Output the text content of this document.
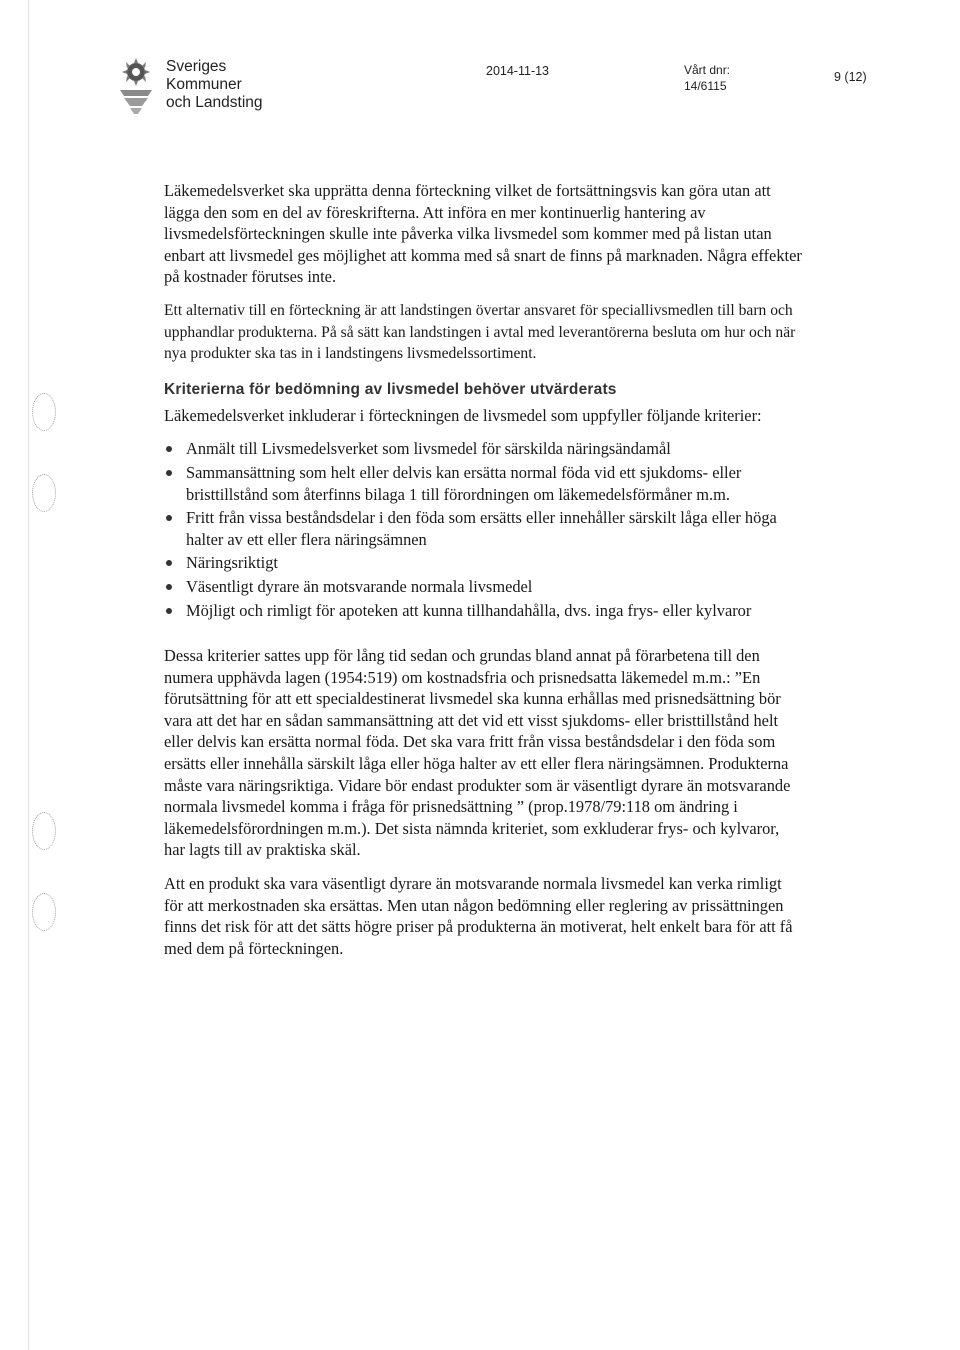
Sveriges
Kommuner
och Landsting
2014-11-13	Vårt dnr:
14/6115
9 (12)

Läkemedelsverket ska upprätta denna förteckning vilket de fortsättningsvis kan göra utan att lägga den som en del av föreskrifterna. Att införa en mer kontinuerlig hantering av livsmedelsförteckningen skulle inte påverka vilka livsmedel som kommer med på listan utan enbart att livsmedel ges möjlighet att komma med så snart de finns på marknaden. Några effekter på kostnader förutses inte.

Ett alternativ till en förteckning är att landstingen övertar ansvaret för speciallivsmedlen till barn och upphandlar produkterna. På så sätt kan landstingen i avtal med leverantörerna besluta om hur och när nya produkter ska tas in i landstingens livsmedelssortiment.

Kriterierna för bedömning av livsmedel behöver utvärderats

Läkemedelsverket inkluderar i förteckningen de livsmedel som uppfyller följande kriterier:

Anmält till Livsmedelsverket som livsmedel för särskilda näringsändamål
Sammansättning som helt eller delvis kan ersätta normal föda vid ett sjukdoms- eller bristtillstånd som återfinns bilaga 1 till förordningen om läkemedelsförmåner m.m.
Fritt från vissa beståndsdelar i den föda som ersätts eller innehåller särskilt låga eller höga halter av ett eller flera näringsämnen
Näringsriktigt
Väsentligt dyrare än motsvarande normala livsmedel
Möjligt och rimligt för apoteken att kunna tillhandahålla, dvs. inga frys- eller kylvaror

Dessa kriterier sattes upp för lång tid sedan och grundas bland annat på förarbetena till den numera upphävda lagen (1954:519) om kostnadsfria och prisnedsatta läkemedel m.m.: ”En förutsättning för att ett specialdestinerat livsmedel ska kunna erhållas med prisnedsättning bör vara att det har en sådan sammansättning att det vid ett visst sjukdoms- eller bristtillstånd helt eller delvis kan ersätta normal föda. Det ska vara fritt från vissa beståndsdelar i den föda som ersätts eller innehålla särskilt låga eller höga halter av ett eller flera näringsämnen. Produkterna måste vara näringsriktiga. Vidare bör endast produkter som är väsentligt dyrare än motsvarande normala livsmedel komma i fråga för prisnedsättning ” (prop.1978/79:118 om ändring i läkemedelsförordningen m.m.). Det sista nämnda kriteriet, som exkluderar frys- och kylvaror, har lagts till av praktiska skäl.

Att en produkt ska vara väsentligt dyrare än motsvarande normala livsmedel kan verka rimligt för att merkostnaden ska ersättas. Men utan någon bedömning eller reglering av prissättningen finns det risk för att det sätts högre priser på produkterna än motiverat, helt enkelt bara för att få med dem på förteckningen.
